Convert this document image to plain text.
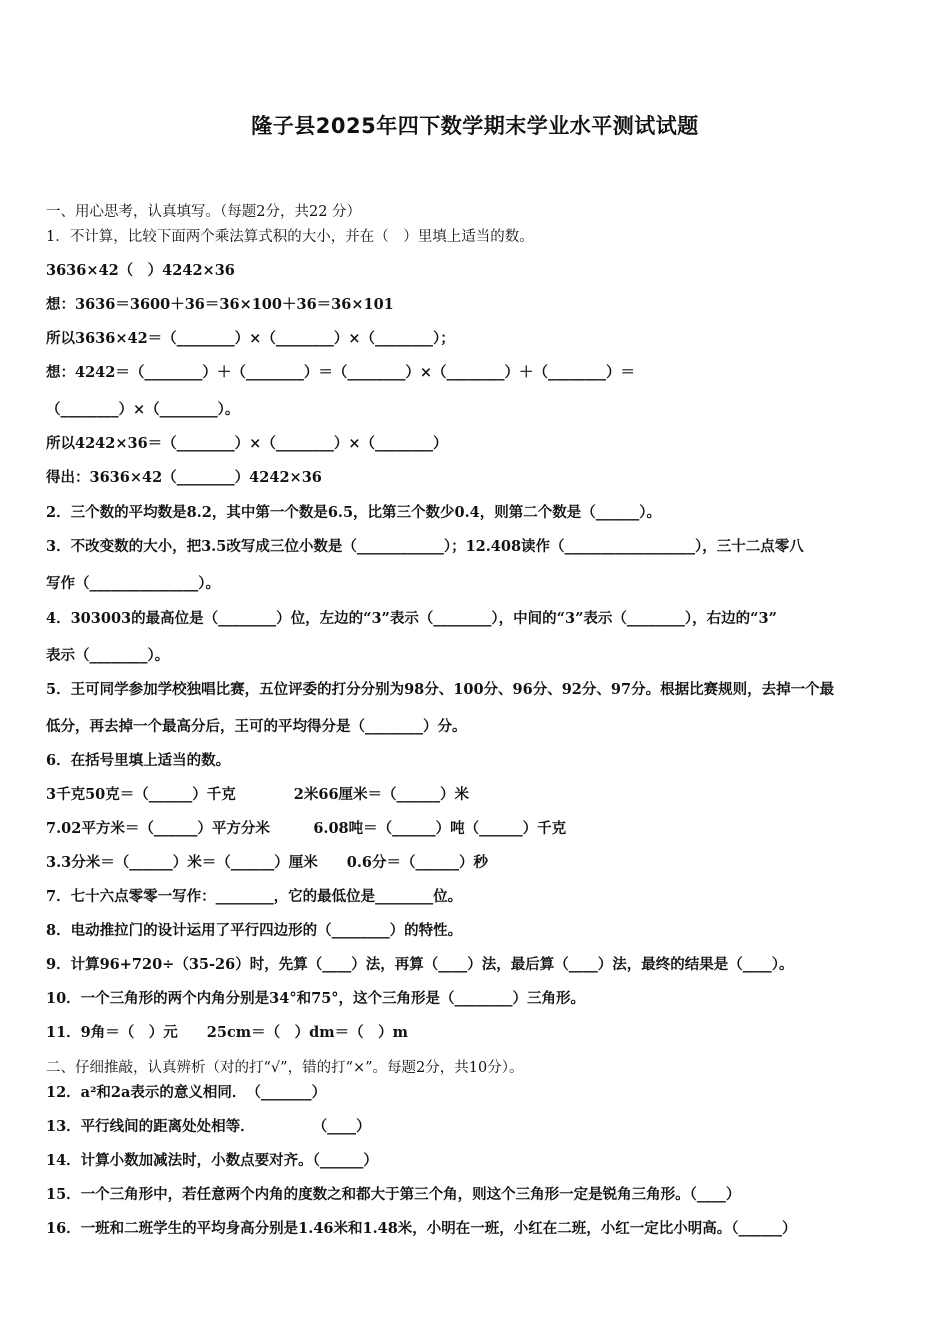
隆子县2025年四下数学期末学业水平测试试题
一、用心思考，认真填写。（每题2分，共22 分）
1．不计算，比较下面两个乘法算式积的大小，并在（　）里填上适当的数。
3636×42（　）4242×36
想：3636＝3600＋36＝36×100＋36＝36×101
所以3636×42＝（________）×（________）×（________）；
想：4242＝（________）＋（________）＝（________）×（________）＋（________）＝
（________）×（________）。
所以4242×36＝（________）×（________）×（________）
得出：3636×42（________）4242×36
2．三个数的平均数是8.2，其中第一个数是6.5，比第三个数少0.4，则第二个数是（______）。
3．不改变数的大小，把3.5改写成三位小数是（____________）；12.408读作（__________________），三十二点零八
写作（_______________）。
4．303003的最高位是（________）位，左边的“3”表示（________），中间的“3”表示（________），右边的“3”
表示（________）。
5．王可同学参加学校独唱比赛，五位评委的打分分别为98分、100分、96分、92分、97分。根据比赛规则，去掉一个最
低分，再去掉一个最高分后，王可的平均得分是（________）分。
6．在括号里填上适当的数。
3千克50克＝（______）千克　　　　2米66厘米＝（______）米
7.02平方米＝（______）平方分米　　　6.08吨＝（______）吨（______）千克
3.3分米＝（______）米＝（______）厘米　　0.6分＝（______）秒
7．七十六点零零一写作：________，它的最低位是________位。
8．电动推拉门的设计运用了平行四边形的（________）的特性。
9．计算96+720÷（35-26）时，先算（____）法，再算（____）法，最后算（____）法，最终的结果是（____）。
10．一个三角形的两个内角分别是34°和75°，这个三角形是（________）三角形。
11．9角＝（　）元　　25cm＝（　）dm＝（　）m
二、仔细推敲，认真辨析（对的打“√”，错的打“×”。每题2分，共10分）。
12．a²和2a表示的意义相同．　（_______）
13．平行线间的距离处处相等．　　　　　（____）
14．计算小数加减法时，小数点要对齐。（______）
15．一个三角形中，若任意两个内角的度数之和都大于第三个角，则这个三角形一定是锐角三角形。（____）
16．一班和二班学生的平均身高分别是1.46米和1.48米，小明在一班，小红在二班，小红一定比小明高。（______）
